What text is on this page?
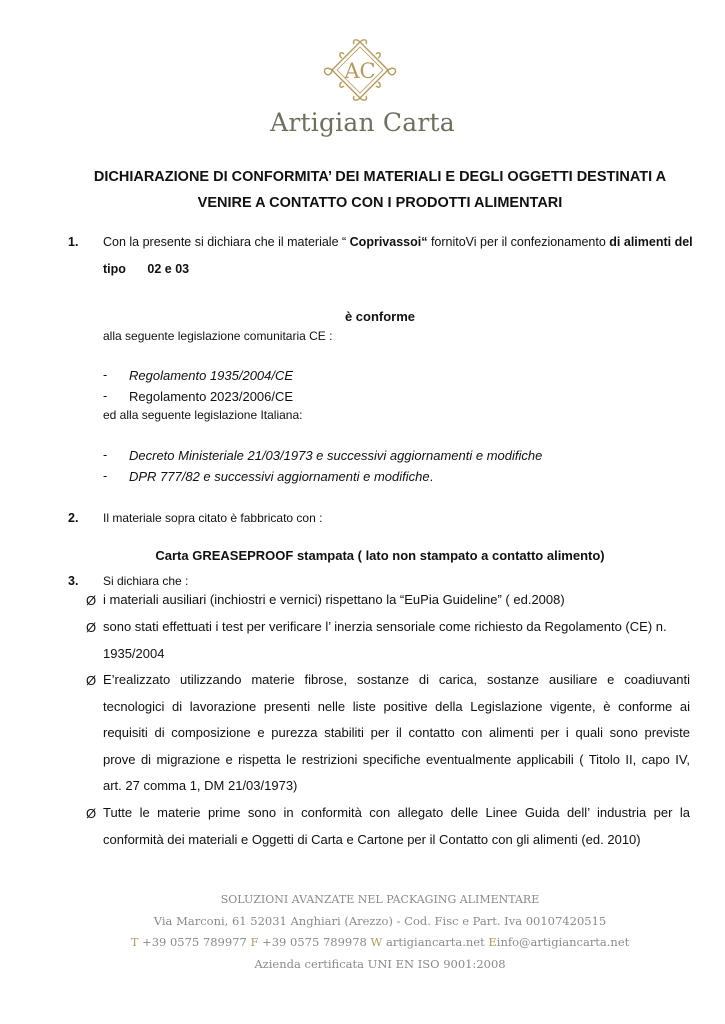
AC
Artigian Carta
DICHIARAZIONE DI CONFORMITA’ DEI MATERIALI E DEGLI OGGETTI DESTINATI A
VENIRE A CONTATTO CON I PRODOTTI ALIMENTARI
1. Con la presente si dichiara che il materiale “ Coprivassoi“ fornitoVi per il confezionamento di alimenti del
tipo 02 e 03
è conforme
alla seguente legislazione comunitaria CE :
- Regolamento 1935/2004/CE
- Regolamento 2023/2006/CE
ed alla seguente legislazione Italiana:
- Decreto Ministeriale 21/03/1973 e successivi aggiornamenti e modifiche
- DPR 777/82 e successivi aggiornamenti e modifiche.
2. Il materiale sopra citato è fabbricato con :
Carta GREASEPROOF stampata ( lato non stampato a contatto alimento)
3. Si dichiara che :
Ø i materiali ausiliari (inchiostri e vernici) rispettano la “EuPia Guideline” ( ed.2008)
Ø sono stati effettuati i test per verificare l’ inerzia sensoriale come richiesto da Regolamento (CE) n.
1935/2004
Ø E’realizzato utilizzando materie fibrose, sostanze di carica, sostanze ausiliare e coadiuvanti
tecnologici di lavorazione presenti nelle liste positive della Legislazione vigente, è conforme ai
requisiti di composizione e purezza stabiliti per il contatto con alimenti per i quali sono previste
prove di migrazione e rispetta le restrizioni specifiche eventualmente applicabili ( Titolo II, capo IV,
art. 27 comma 1, DM 21/03/1973)
Ø Tutte le materie prime sono in conformità con allegato delle Linee Guida dell’ industria per la
conformità dei materiali e Oggetti di Carta e Cartone per il Contatto con gli alimenti (ed. 2010)
SOLUZIONI AVANZATE NEL PACKAGING ALIMENTARE
Via Marconi, 61 52031 Anghiari (Arezzo) - Cod. Fisc e Part. Iva 00107420515
T +39 0575 789977 F +39 0575 789978 W artigiancarta.net Einfo@artigiancarta.net
Azienda certificata UNI EN ISO 9001:2008
